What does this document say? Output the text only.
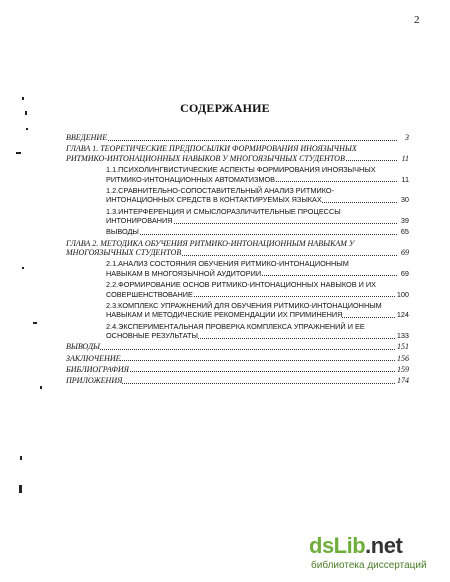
2
СОДЕРЖАНИЕ
ВВЕДЕНИЕ	3
ГЛАВА 1. ТЕОРЕТИЧЕСКИЕ ПРЕДПОСЫЛКИ ФОРМИРОВАНИЯ ИНОЯЗЫЧНЫХ
РИТМИКО-ИНТОНАЦИОННЫХ НАВЫКОВ У МНОГОЯЗЫЧНЫХ СТУДЕНТОВ	11
1.1.ПСИХОЛИНГВИСТИЧЕСКИЕ АСПЕКТЫ ФОРМИРОВАНИЯ ИНОЯЗЫЧНЫХ
РИТМИКО-ИНТОНАЦИОННЫХ АВТОМАТИЗМОВ	11
1.2.СРАВНИТЕЛЬНО-СОПОСТАВИТЕЛЬНЫЙ АНАЛИЗ РИТМИКО-
ИНТОНАЦИОННЫХ СРЕДСТВ В КОНТАКТИРУЕМЫХ ЯЗЫКАХ	30
1.3.ИНТЕРФЕРЕНЦИЯ И СМЫСЛОРАЗЛИЧИТЕЛЬНЫЕ ПРОЦЕССЫ
ИНТОНИРОВАНИЯ	39
ВЫВОДЫ	65
ГЛАВА 2. МЕТОДИКА ОБУЧЕНИЯ РИТМИКО-ИНТОНАЦИОННЫМ НАВЫКАМ У
МНОГОЯЗЫЧНЫХ СТУДЕНТОВ	69
2.1.АНАЛИЗ СОСТОЯНИЯ ОБУЧЕНИЯ РИТМИКО-ИНТОНАЦИОННЫМ
НАВЫКАМ В МНОГОЯЗЫЧНОЙ АУДИТОРИИ	69
2.2.ФОРМИРОВАНИЕ ОСНОВ РИТМИКО-ИНТОНАЦИОННЫХ НАВЫКОВ И ИХ
СОВЕРШЕНСТВОВАНИЕ	100
2.3.КОМПЛЕКС УПРАЖНЕНИЙ ДЛЯ ОБУЧЕНИЯ РИТМИКО-ИНТОНАЦИОННЫМ
НАВЫКАМ И МЕТОДИЧЕСКИЕ РЕКОМЕНДАЦИИ ИХ ПРИМИНЕНИЯ	124
2.4.ЭКСПЕРИМЕНТАЛЬНАЯ ПРОВЕРКА КОМПЛЕКСА УПРАЖНЕНИЙ И ЕЕ
ОСНОВНЫЕ РЕЗУЛЬТАТЫ	133
ВЫВОДЫ	151
ЗАКЛЮЧЕНИЕ	156
БИБЛИОГРАФИЯ	159
ПРИЛОЖЕНИЯ	174
dsLib.net
библиотека диссертаций
